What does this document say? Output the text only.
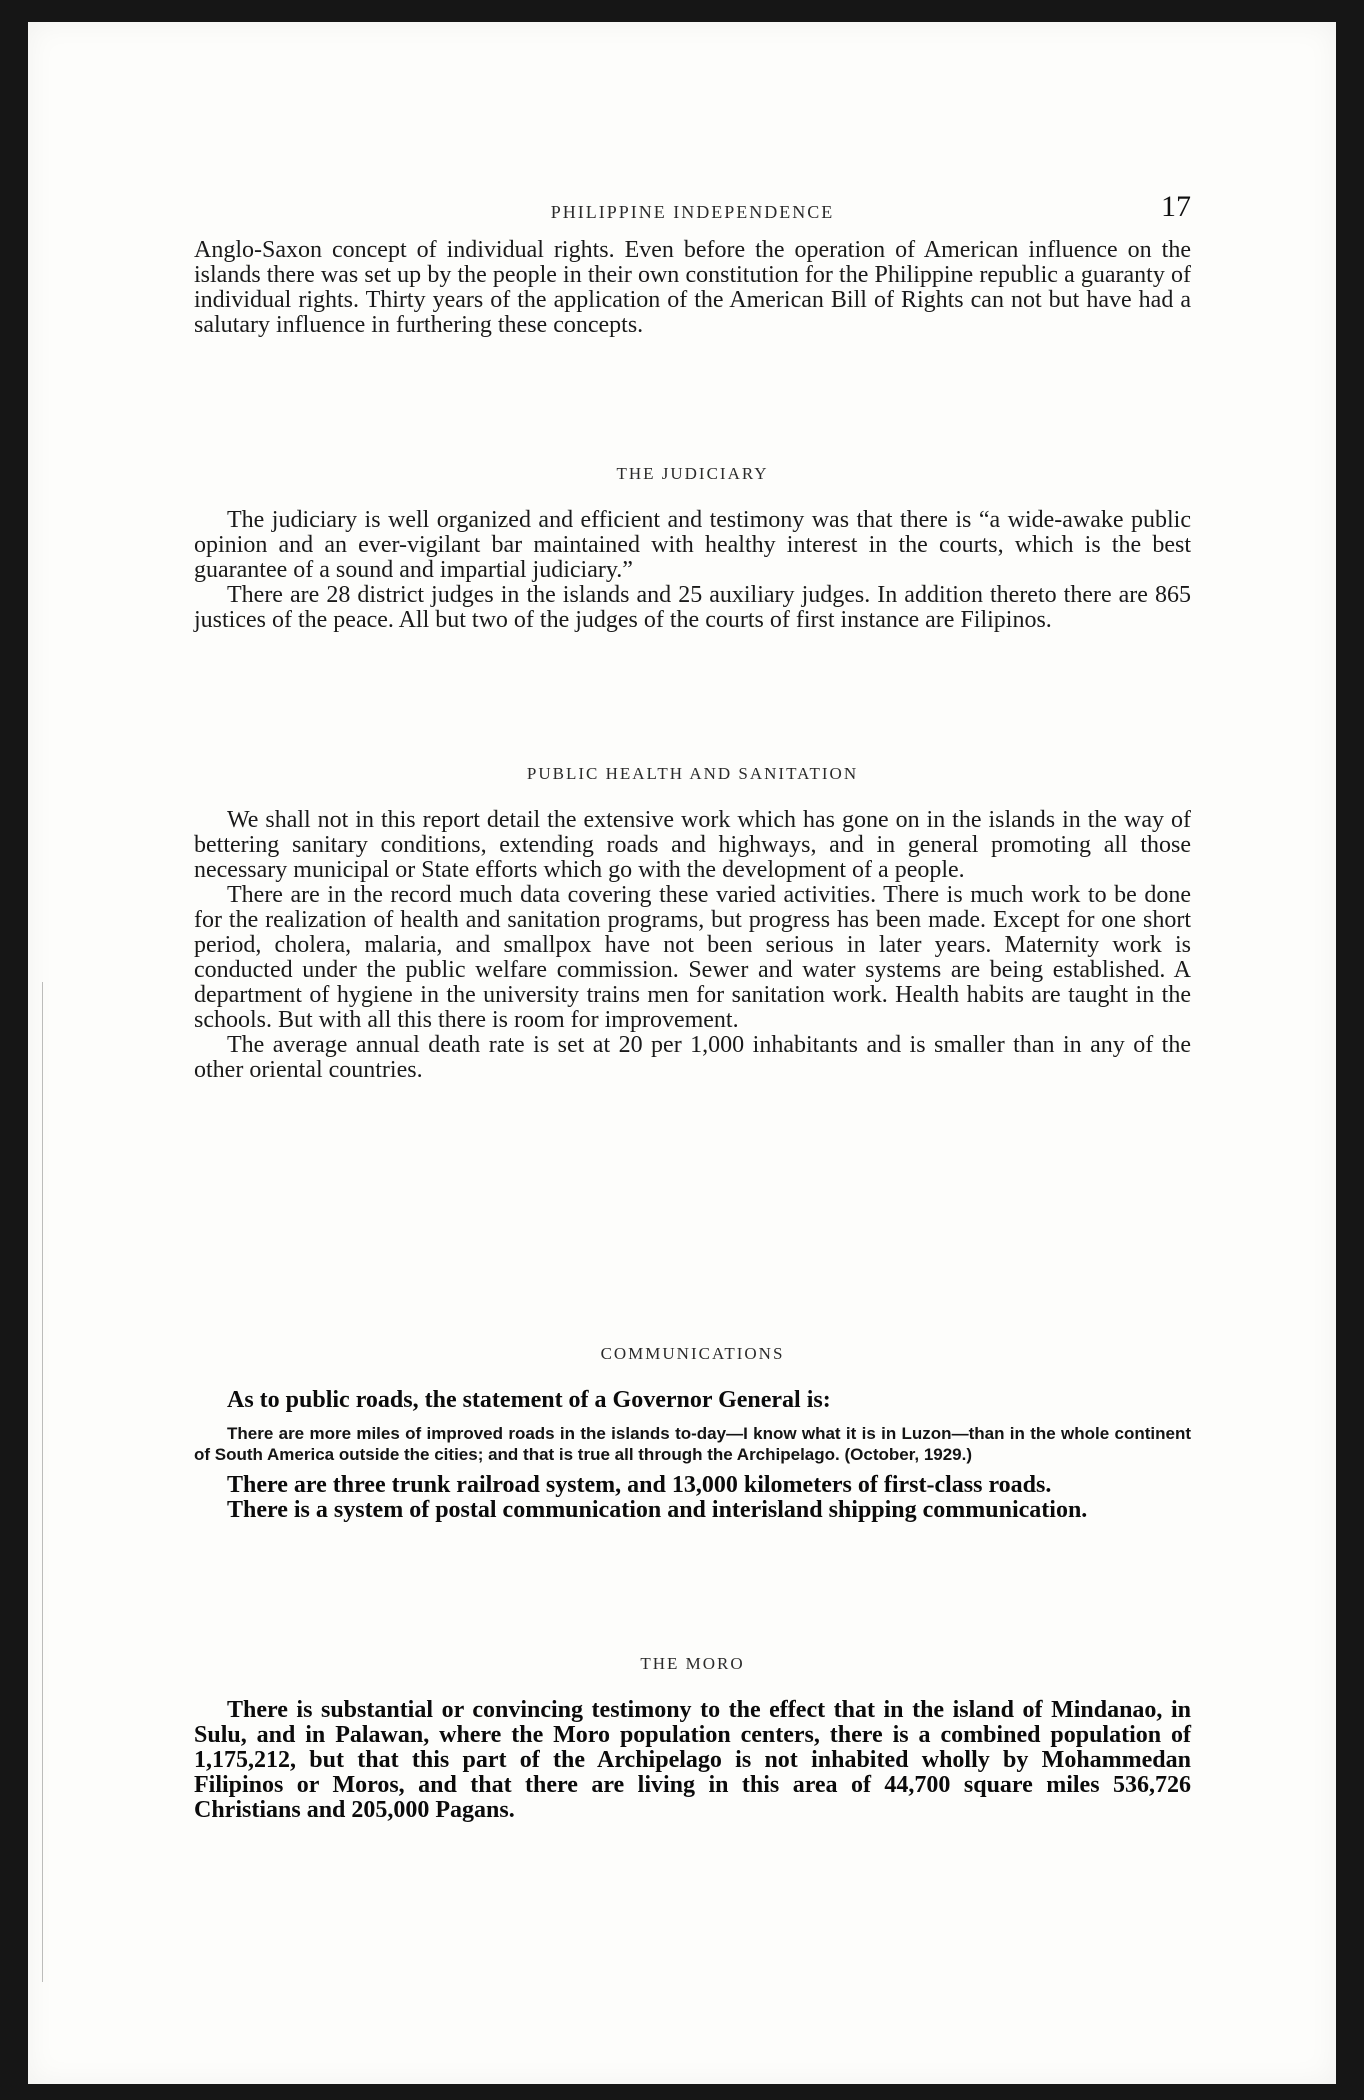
PHILIPPINE INDEPENDENCE	17

Anglo-Saxon concept of individual rights. Even before the operation of American influence on the islands there was set up by the people in their own constitution for the Philippine republic a guaranty of individual rights. Thirty years of the application of the American Bill of Rights can not but have had a salutary influence in furthering these concepts.

THE JUDICIARY

The judiciary is well organized and efficient and testimony was that there is “a wide-awake public opinion and an ever-vigilant bar maintained with healthy interest in the courts, which is the best guarantee of a sound and impartial judiciary.”

There are 28 district judges in the islands and 25 auxiliary judges. In addition thereto there are 865 justices of the peace. All but two of the judges of the courts of first instance are Filipinos.

PUBLIC HEALTH AND SANITATION

We shall not in this report detail the extensive work which has gone on in the islands in the way of bettering sanitary conditions, extending roads and highways, and in general promoting all those necessary municipal or State efforts which go with the development of a people.

There are in the record much data covering these varied activities. There is much work to be done for the realization of health and sanitation programs, but progress has been made. Except for one short period, cholera, malaria, and smallpox have not been serious in later years. Maternity work is conducted under the public welfare commission. Sewer and water systems are being established. A department of hygiene in the university trains men for sanitation work. Health habits are taught in the schools. But with all this there is room for improvement.

The average annual death rate is set at 20 per 1,000 inhabitants and is smaller than in any of the other oriental countries.

COMMUNICATIONS

As to public roads, the statement of a Governor General is:

There are more miles of improved roads in the islands to-day—I know what it is in Luzon—than in the whole continent of South America outside the cities; and that is true all through the Archipelago. (October, 1929.)

There are three trunk railroad system, and 13,000 kilometers of first-class roads.

There is a system of postal communication and interisland shipping communication.

THE MORO

There is substantial or convincing testimony to the effect that in the island of Mindanao, in Sulu, and in Palawan, where the Moro population centers, there is a combined population of 1,175,212, but that this part of the Archipelago is not inhabited wholly by Mohammedan Filipinos or Moros, and that there are living in this area of 44,700 square miles 536,726 Christians and 205,000 Pagans.
